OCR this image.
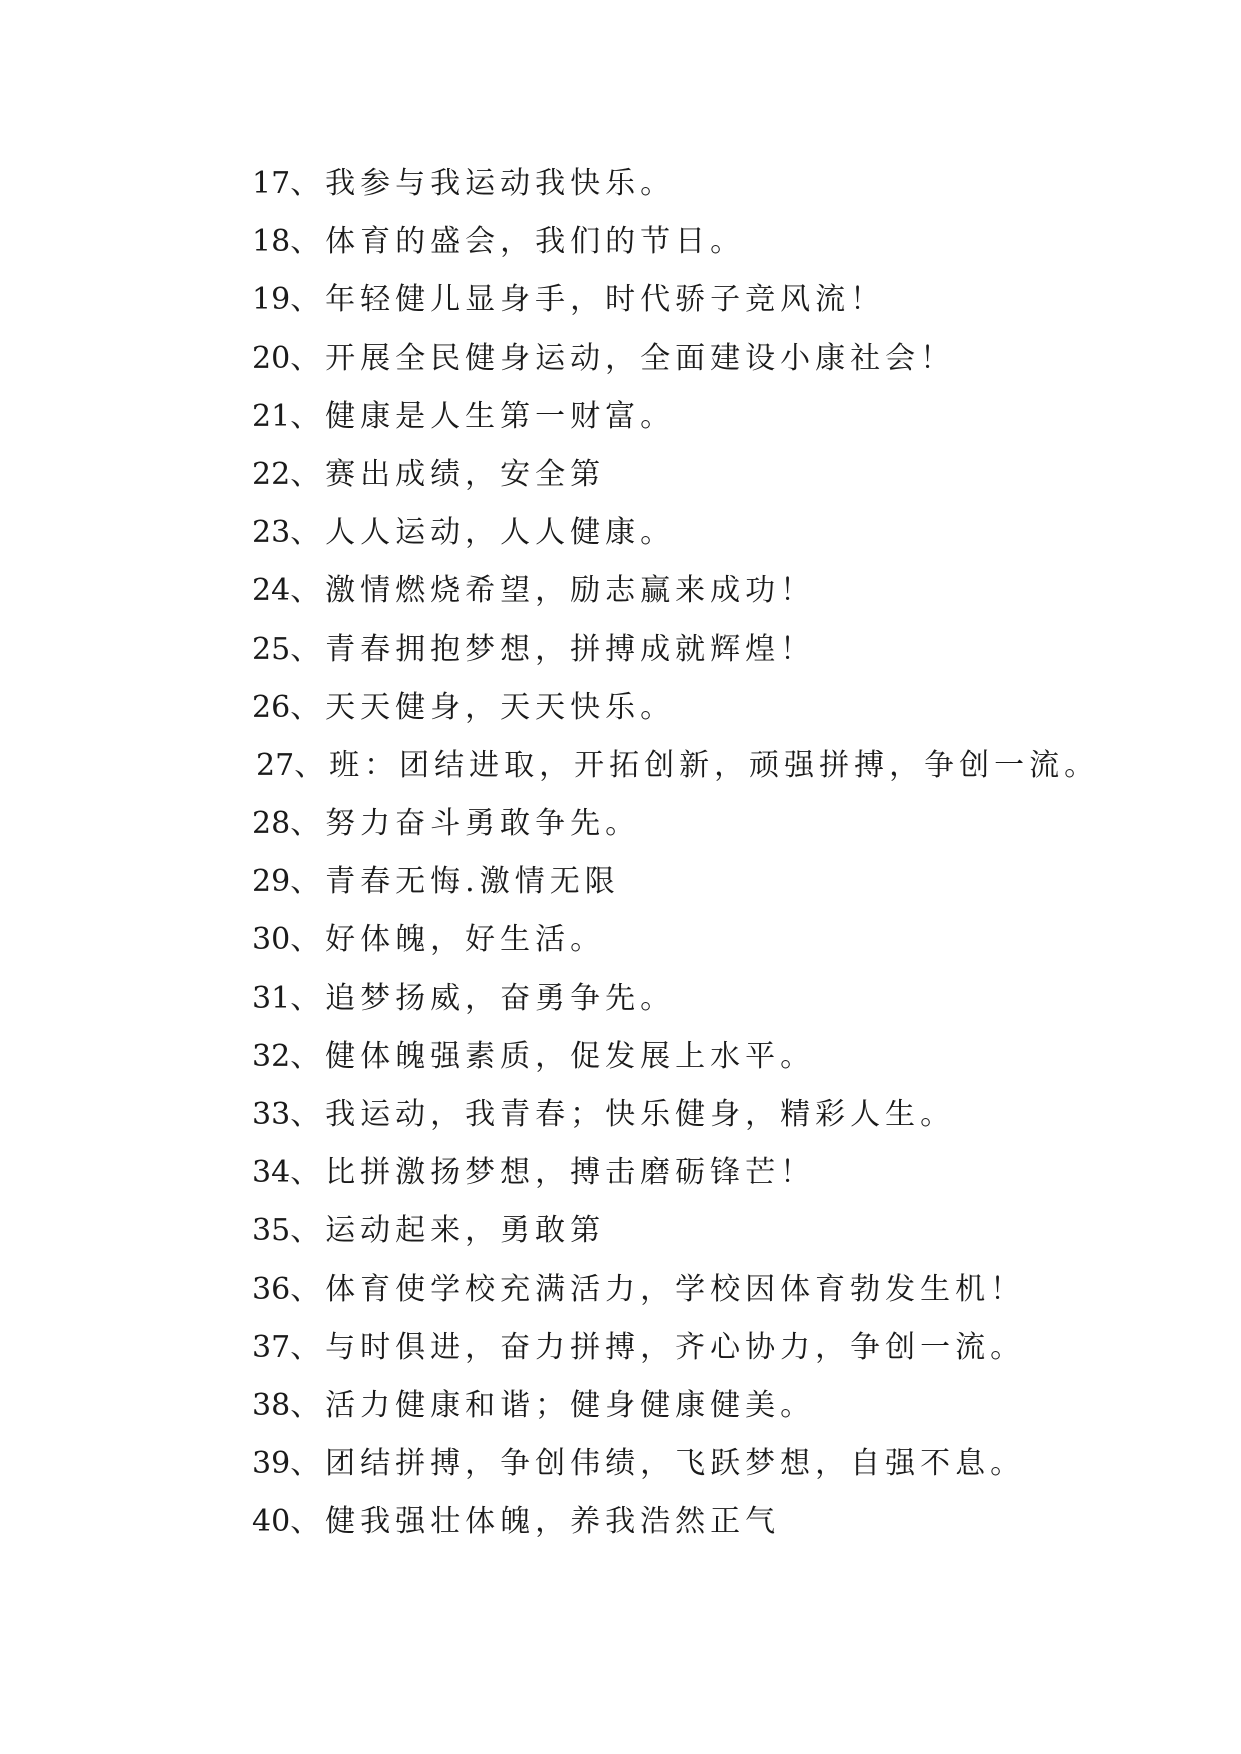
17、我参与我运动我快乐。
18、体育的盛会，我们的节日。
19、年轻健儿显身手，时代骄子竞风流！
20、开展全民健身运动，全面建设小康社会！
21、健康是人生第一财富。
22、赛出成绩，安全第
23、人人运动，人人健康。
24、激情燃烧希望，励志赢来成功！
25、青春拥抱梦想，拼搏成就辉煌！
26、天天健身，天天快乐。
27、班：团结进取，开拓创新，顽强拼搏，争创一流。
28、努力奋斗勇敢争先。
29、青春无悔.激情无限
30、好体魄，好生活。
31、追梦扬威，奋勇争先。
32、健体魄强素质，促发展上水平。
33、我运动，我青春；快乐健身，精彩人生。
34、比拼激扬梦想，搏击磨砺锋芒！
35、运动起来，勇敢第
36、体育使学校充满活力，学校因体育勃发生机！
37、与时俱进，奋力拼搏，齐心协力，争创一流。
38、活力健康和谐；健身健康健美。
39、团结拼搏，争创伟绩，飞跃梦想，自强不息。
40、健我强壮体魄，养我浩然正气
